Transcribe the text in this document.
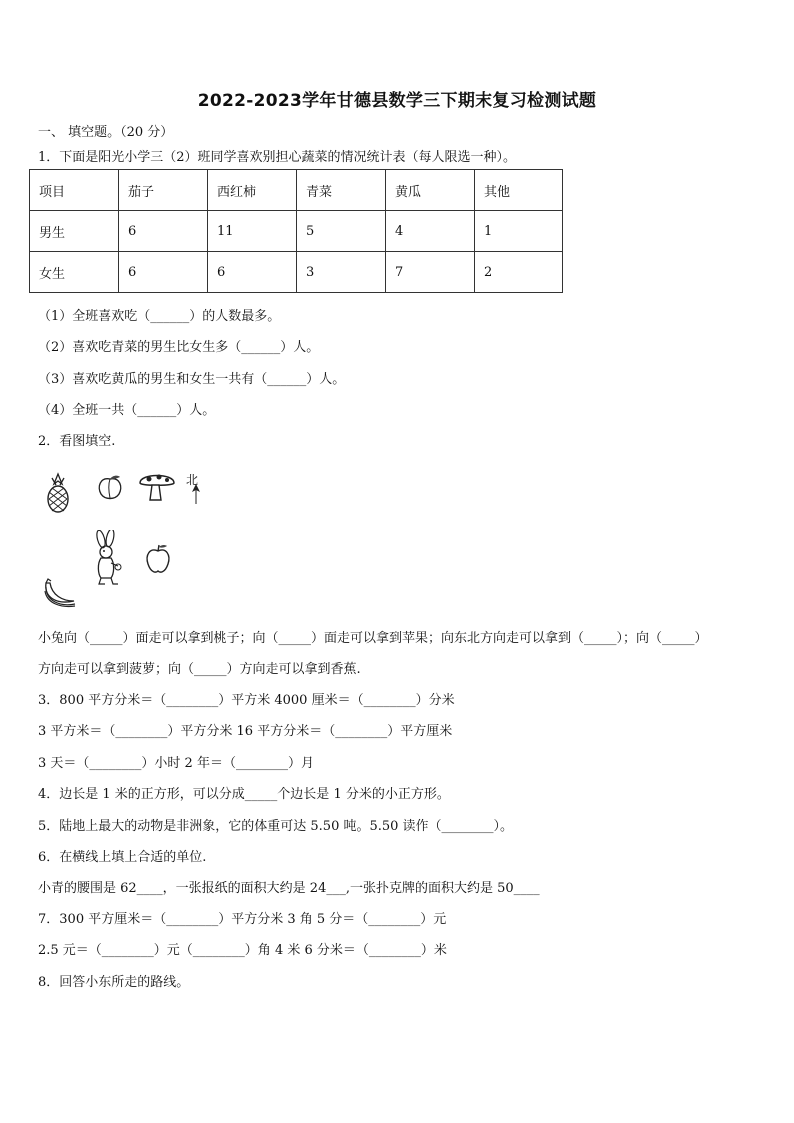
2022-2023学年甘德县数学三下期末复习检测试题
一、 填空题。（20 分）
1．下面是阳光小学三（2）班同学喜欢别担心蔬菜的情况统计表（每人限选一种）。
项目	茄子	西红柿	青菜	黄瓜	其他
男生	6	11	5	4	1
女生	6	6	3	7	2
（1）全班喜欢吃（______）的人数最多。
（2）喜欢吃青菜的男生比女生多（______）人。
（3）喜欢吃黄瓜的男生和女生一共有（______）人。
（4）全班一共（______）人。
2．看图填空.
北
小兔向（_____）面走可以拿到桃子；向（_____）面走可以拿到苹果；向东北方向走可以拿到（_____）；向（_____）
方向走可以拿到菠萝；向（_____）方向走可以拿到香蕉.
3．800 平方分米＝（________）平方米 4000 厘米＝（________）分米
3 平方米＝（________）平方分米 16 平方分米＝（________）平方厘米
3 天＝（________）小时 2 年＝（________）月
4．边长是 1 米的正方形，可以分成_____个边长是 1 分米的小正方形。
5．陆地上最大的动物是非洲象，它的体重可达 5.50 吨。5.50 读作（________）。
6．在横线上填上合适的单位.
小青的腰围是 62____，一张报纸的面积大约是 24___,一张扑克牌的面积大约是 50____
7．300 平方厘米＝（________）平方分米 3 角 5 分＝（________）元
2.5 元＝（________）元（________）角 4 米 6 分米＝（________）米
8．回答小东所走的路线。
